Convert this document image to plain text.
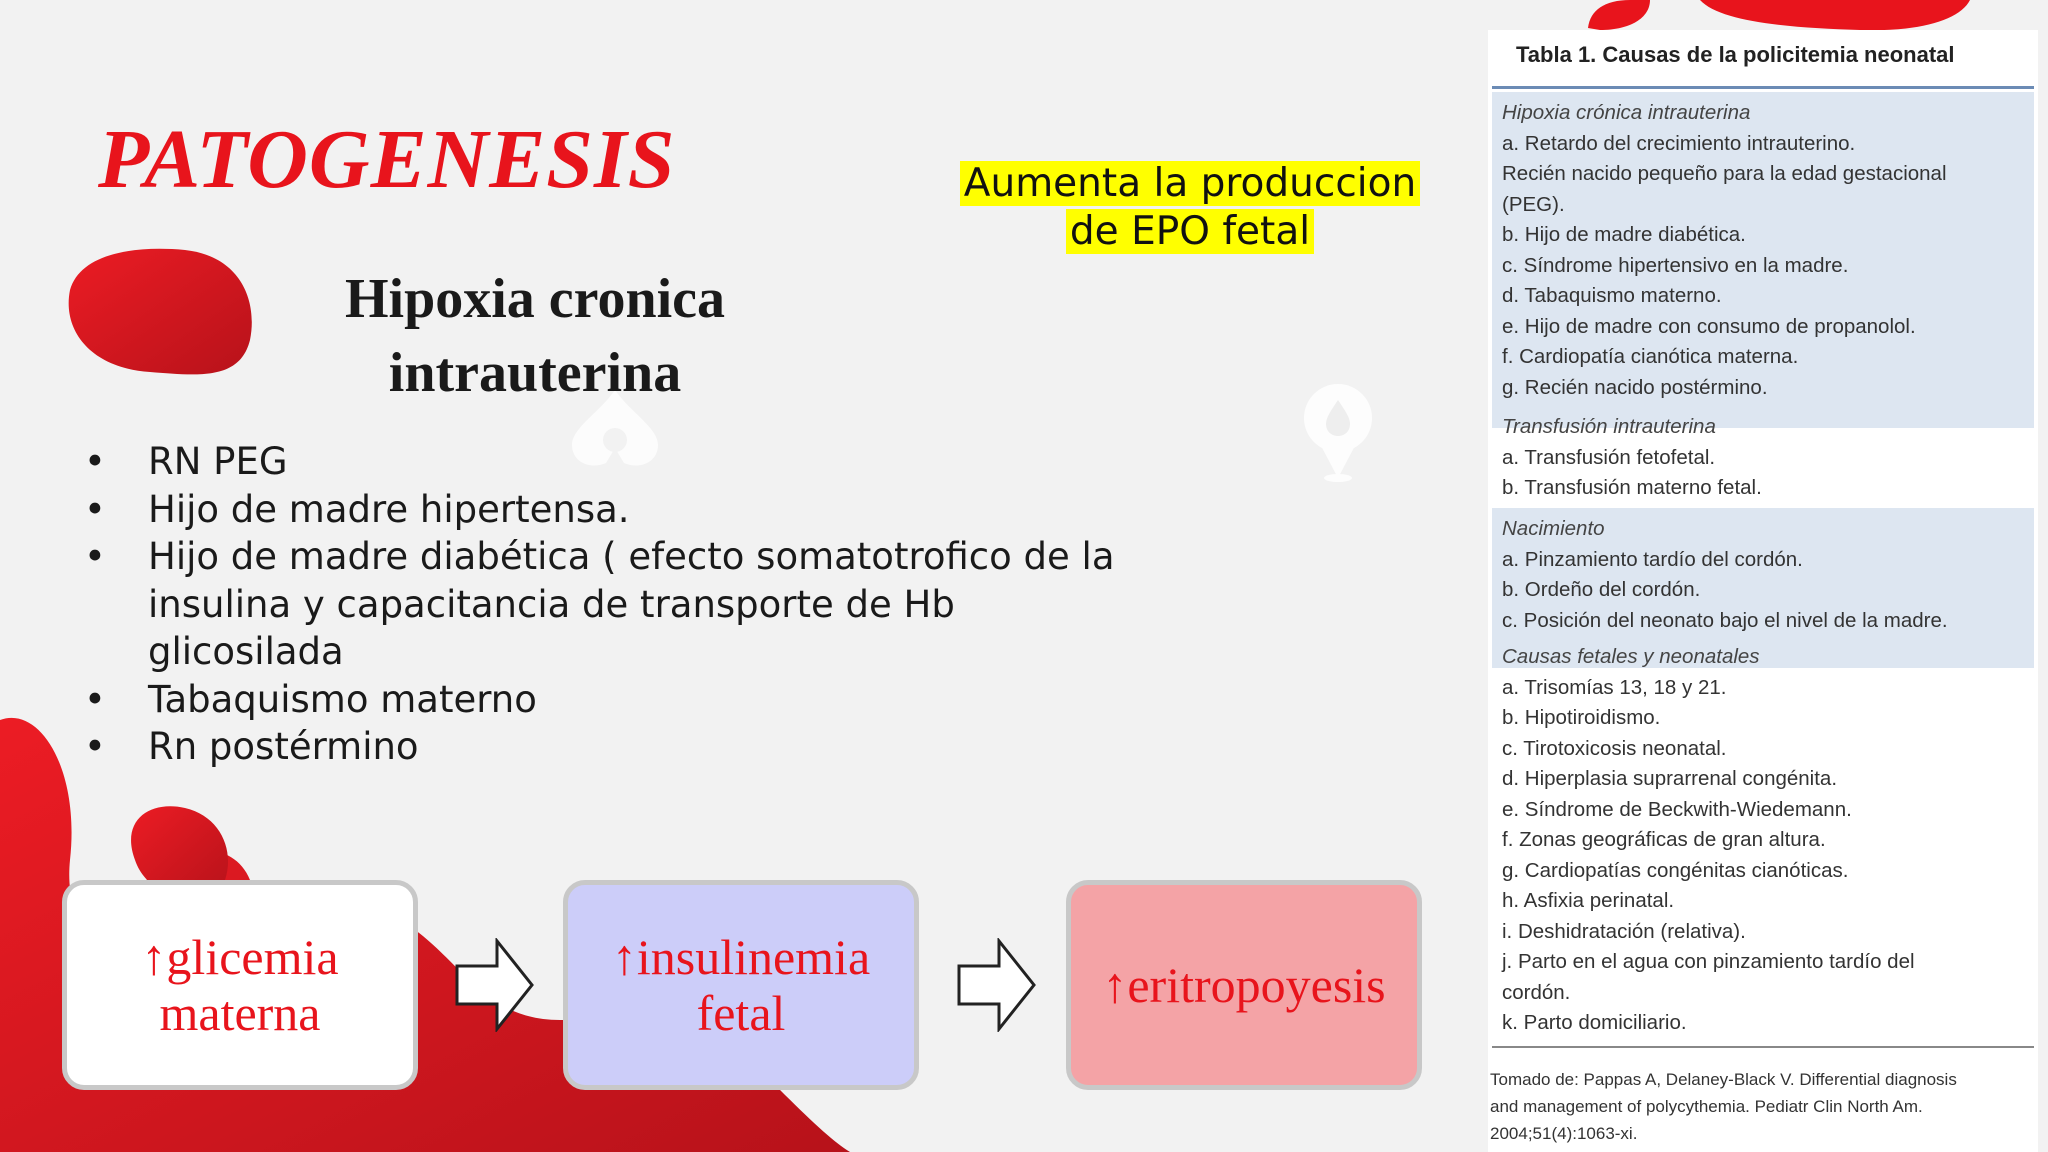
PATOGENESIS
Hipoxia cronica
intrauterina
Aumenta la produccion
de EPO fetal
• RN PEG
• Hijo de madre hipertensa.
• Hijo de madre diabética ( efecto somatotrofico de la insulina y capacitancia de transporte de Hb glicosilada
• Tabaquismo materno
• Rn postérmino
↑glicemia
materna
↑insulinemia
fetal	↑eritropoyesis
Tabla 1. Causas de la policitemia neonatal
Hipoxia crónica intrauterina
a. Retardo del crecimiento intrauterino.
Recién nacido pequeño para la edad gestacional
(PEG).
b. Hijo de madre diabética.
c. Síndrome hipertensivo en la madre.
d. Tabaquismo materno.
e. Hijo de madre con consumo de propanolol.
f. Cardiopatía cianótica materna.
g. Recién nacido postérmino.
Transfusión intrauterina
a. Transfusión fetofetal.
b. Transfusión materno fetal.
Nacimiento
a. Pinzamiento tardío del cordón.
b. Ordeño del cordón.
c. Posición del neonato bajo el nivel de la madre.
Causas fetales y neonatales
a. Trisomías 13, 18 y 21.
b. Hipotiroidismo.
c. Tirotoxicosis neonatal.
d. Hiperplasia suprarrenal congénita.
e. Síndrome de Beckwith-Wiedemann.
f. Zonas geográficas de gran altura.
g. Cardiopatías congénitas cianóticas.
h. Asfixia perinatal.
i. Deshidratación (relativa).
j. Parto en el agua con pinzamiento tardío del
cordón.
k. Parto domiciliario.
Tomado de: Pappas A, Delaney-Black V. Differential diagnosis
and management of polycythemia. Pediatr Clin North Am.
2004;51(4):1063-xi.
